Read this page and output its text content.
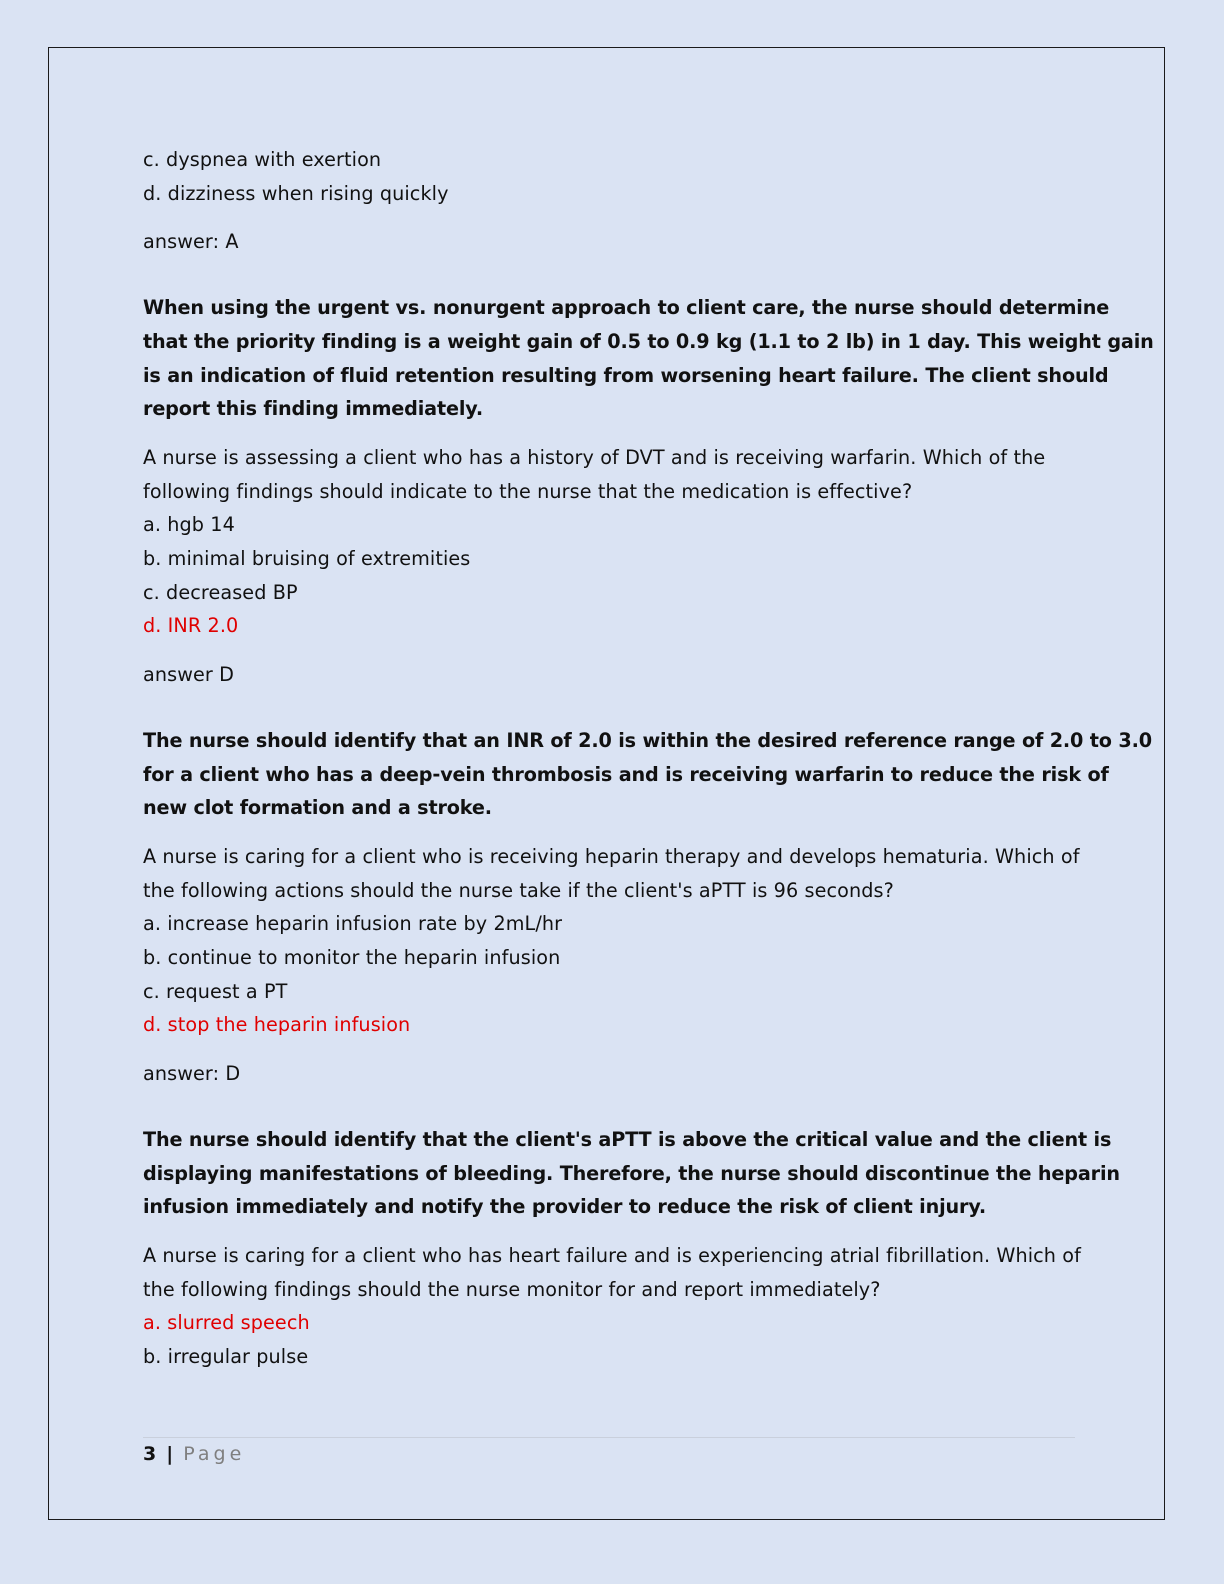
c. dyspnea with exertion
d. dizziness when rising quickly
answer: A
When using the urgent vs. nonurgent approach to client care, the nurse should determine
that the priority finding is a weight gain of 0.5 to 0.9 kg (1.1 to 2 lb) in 1 day. This weight gain
is an indication of fluid retention resulting from worsening heart failure. The client should
report this finding immediately.
A nurse is assessing a client who has a history of DVT and is receiving warfarin. Which of the
following findings should indicate to the nurse that the medication is effective?
a. hgb 14
b. minimal bruising of extremities
c. decreased BP
d. INR 2.0
answer D
The nurse should identify that an INR of 2.0 is within the desired reference range of 2.0 to 3.0
for a client who has a deep-vein thrombosis and is receiving warfarin to reduce the risk of
new clot formation and a stroke.
A nurse is caring for a client who is receiving heparin therapy and develops hematuria. Which of
the following actions should the nurse take if the client's aPTT is 96 seconds?
a. increase heparin infusion rate by 2mL/hr
b. continue to monitor the heparin infusion
c. request a PT
d. stop the heparin infusion
answer: D
The nurse should identify that the client's aPTT is above the critical value and the client is
displaying manifestations of bleeding. Therefore, the nurse should discontinue the heparin
infusion immediately and notify the provider to reduce the risk of client injury.
A nurse is caring for a client who has heart failure and is experiencing atrial fibrillation. Which of
the following findings should the nurse monitor for and report immediately?
a. slurred speech
b. irregular pulse
3 | Page
